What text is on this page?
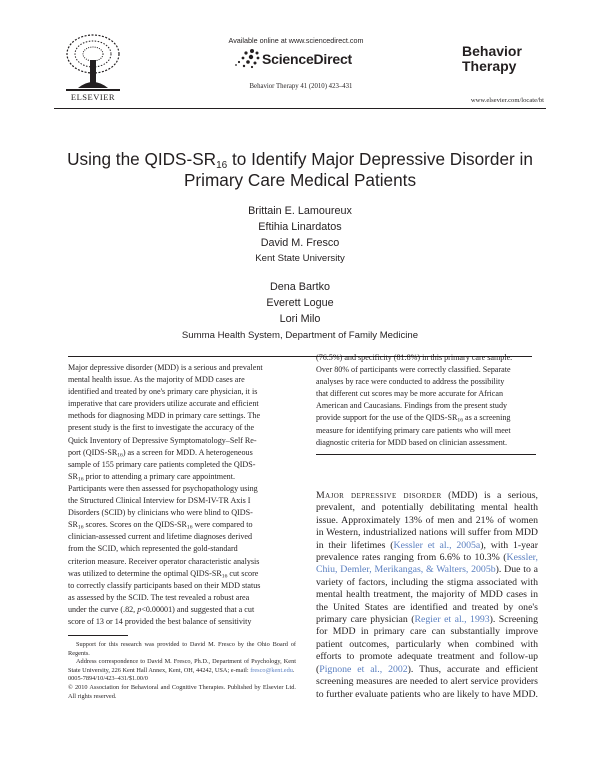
ELSEVIER
Available online at www.sciencedirect.com
ScienceDirect
Behavior Therapy 41 (2010) 423–431
Behavior
Therapy
www.elsevier.com/locate/bt
Using the QIDS-$SR_{16}$ to Identify Major Depressive Disorder in
Primary Care Medical Patients
Brittain E. Lamoureux
Eftihia Linardatos
David M. Fresco
Kent State University
Dena Bartko
Everett Logue
Lori Milo
Summa Health System, Department of Family Medicine
Major depressive disorder (MDD) is a serious and prevalent
mental health issue. As the majority of MDD cases are
identified and treated by one's primary care physician, it is
imperative that care providers utilize accurate and efficient
methods for diagnosing MDD in primary care settings. The
present study is the first to investigate the accuracy of the
Quick Inventory of Depressive Symptomatology–Self Re-
port $(QIDS-SR_{16})$ as a screen for MDD. A heterogeneous
sample of 155 primary care patients completed the QIDS-
$SR_{16}$ prior to attending a primary care appointment.
Participants were then assessed for psychopathology using
the Structured Clinical Interview for DSM-IV-TR Axis I
Disorders (SCID) by clinicians who were blind to QIDS-
$SR_{16}$ scores. Scores on the QIDS-$SR_{16}$ were compared to
clinician-assessed current and lifetime diagnoses derived
from the SCID, which represented the gold-standard
criterion measure. Receiver operator characteristic analysis
was utilized to determine the optimal QIDS-$SR_{16}$ cut score
to correctly classify participants based on their MDD status
as assessed by the SCID. The test revealed a robust area
under the curve (.82, p<0.00001) and suggested that a cut
score of 13 or 14 provided the best balance of sensitivity
(76.5%) and specificity (81.8%) in this primary care sample.
Over 80% of participants were correctly classified. Separate
analyses by race were conducted to address the possibility
that different cut scores may be more accurate for African
American and Caucasians. Findings from the present study
provide support for the use of the QIDS-$SR_{16}$ as a screening
measure for identifying primary care patients who will meet
diagnostic criteria for MDD based on clinician assessment.
Major depressive disorder (MDD) is a serious, prevalent, and potentially debilitating mental health issue. Approximately 13% of men and 21% of women in Western, industrialized nations will suffer from MDD in their lifetimes (Kessler et al., 2005a), with 1-year prevalence rates ranging from 6.6% to 10.3% (Kessler, Chiu, Demler, Merikangas, & Walters, 2005b). Due to a variety of factors, including the stigma associated with mental health treatment, the majority of MDD cases in the United States are identified and treated by one's primary care physician (Regier et al., 1993). Screening for MDD in primary care can substantially improve patient outcomes, particularly when combined with efforts to promote adequate treatment and follow-up (Pignone et al., 2002). Thus, accurate and efficient screening measures are needed to alert service providers to further evaluate patients who are likely to have MDD.

Support for this research was provided to David M. Fresco by the Ohio Board of Regents.

Address correspondence to David M. Fresco, Ph.D., Department of Psychology, Kent State University, 226 Kent Hall Annex, Kent, OH, 44242, USA; e-mail: fresco@kent.edu.

0005-7894/10/423–431/$1.00/0

© 2010 Association for Behavioral and Cognitive Therapies. Published by Elsevier Ltd. All rights reserved.
